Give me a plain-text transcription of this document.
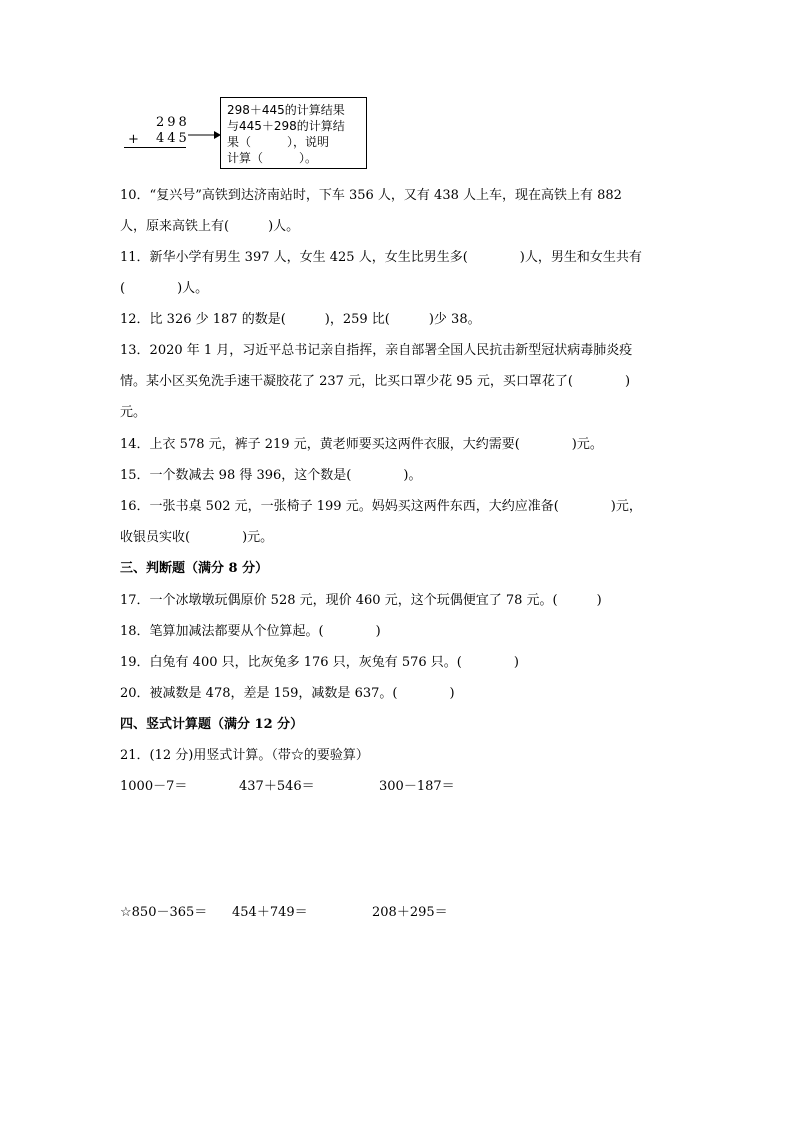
298
+ 445
298＋445的计算结果
与445＋298的计算结
果（　　　），说明
计算（　　　）。
10．“复兴号”高铁到达济南站时，下车 356 人，又有 438 人上车，现在高铁上有 882
人，原来高铁上有(　　　)人。
11．新华小学有男生 397 人，女生 425 人，女生比男生多(　　　　)人，男生和女生共有
(　　　　)人。
12．比 326 少 187 的数是(　　　)，259 比(　　　)少 38。
13．2020 年 1 月，习近平总书记亲自指挥，亲自部署全国人民抗击新型冠状病毒肺炎疫
情。某小区买免洗手速干凝胶花了 237 元，比买口罩少花 95 元，买口罩花了(　　　　)
元。
14．上衣 578 元，裤子 219 元，黄老师要买这两件衣服，大约需要(　　　　)元。
15．一个数减去 98 得 396，这个数是(　　　　)。
16．一张书桌 502 元，一张椅子 199 元。妈妈买这两件东西，大约应准备(　　　　)元，
收银员实收(　　　　)元。
三、判断题（满分 8 分）
17．一个冰墩墩玩偶原价 528 元，现价 460 元，这个玩偶便宜了 78 元。(　　　)
18．笔算加减法都要从个位算起。(　　　　)
19．白兔有 400 只，比灰兔多 176 只，灰兔有 576 只。(　　　　)
20．被减数是 478，差是 159，减数是 637。(　　　　)
四、竖式计算题（满分 12 分）
21．(12 分)用竖式计算。（带☆的要验算）
1000－7＝	437＋546＝	300－187＝
☆850－365＝ 454＋749＝	208＋295＝
